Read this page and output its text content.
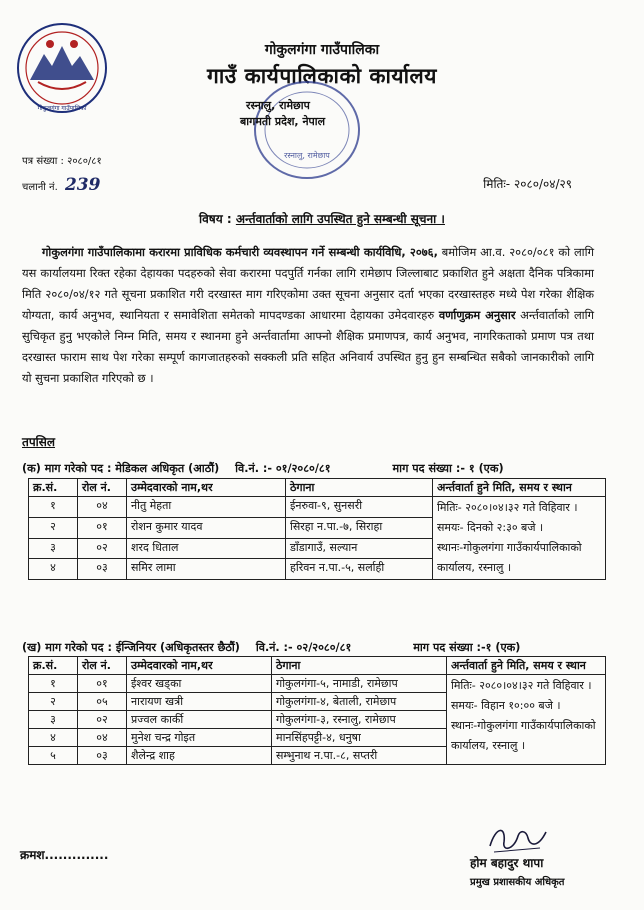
गोकुलगंगा गाउँपालिका
गोकुलगंगा गाउँपालिका
गाउँ कार्यपालिकाको कार्यालय
रस्नालु, रामेछाप
रस्नालु, रामेछाप
बागमती प्रदेश, नेपाल
पत्र संख्या : २०८०/८१
चलानी नं. 239	मितिः- २०८०/०४/२९
विषय : अर्न्तवार्ताको लागि उपस्थित हुने सम्बन्धी सूचना ।
गोकुलगंगा गाउँपालिकामा करारमा प्राविधिक कर्मचारी व्यवस्थापन गर्ने सम्बन्धी कार्यविधि, २०७६, बमोजिम आ.व. २०८०/०८१ को लागि यस कार्यालयमा रिक्त रहेका देहायका पदहरुको सेवा करारमा पदपुर्ति गर्नका लागि रामेछाप जिल्लाबाट प्रकाशित हुने अक्षता दैनिक पत्रिकामा मिति २०८०/०४/१२ गते सूचना प्रकाशित गरी दरखास्त माग गरिएकोमा उक्त सूचना अनुसार दर्ता भएका दरखास्तहरु मध्ये पेश गरेका शैक्षिक योग्यता, कार्य अनुभव, स्थानियता र समावेशिता समेतको मापदण्डका आधारमा देहायका उमेदवारहरु वर्णाणुक्रम अनुसार अर्न्तवार्ताको लागि सुचिकृत हुनु भएकोले निम्न मिति, समय र स्थानमा हुने अर्न्तवार्तामा आफ्नो शैक्षिक प्रमाणपत्र, कार्य अनुभव, नागरिकताको प्रमाण पत्र तथा दरखास्त फाराम साथ पेश गरेका सम्पूर्ण कागजातहरुको सक्कली प्रति सहित अनिवार्य उपस्थित हुनु हुन सम्बन्धित सबैको जानकारीको लागि यो सुचना प्रकाशित गरिएको छ ।
तपसिल
(क) माग गरेको पद : मेडिकल अधिकृत (आठौं) वि.नं. :- ०१/२०८०/८१	माग पद संख्या :- १ (एक)
क्र.सं.	रोल नं.	उम्मेदवारको नाम,थर	ठेगाना	अर्न्तवार्ता हुने मिति, समय र स्थान
१	०४	नीतु मेहता	ईनरुवा-९, सुनसरी	मितिः- २०८०।०४।३२ गते विहिवार ।
समयः- दिनको २:३० बजे ।
स्थानः-गोकुलगंगा गाउँकार्यपालिकाको कार्यालय, रस्नालु ।

२	०१	रोशन कुमार यादव	सिरहा न.पा.-७, सिराहा	
३	०२	शरद धिताल	डाँडागाउँ, सल्यान	
४	०३	समिर लामा	हरिवन न.पा.-५, सर्लाही	
(ख) माग गरेको पद : ईन्जिनियर (अधिकृतस्तर छैठौं) वि.नं. :- ०२/२०८०/८१	माग पद संख्या :-१ (एक)
क्र.सं.	रोल नं.	उम्मेदवारको नाम,थर	ठेगाना	अर्न्तवार्ता हुने मिति, समय र स्थान
१	०१	ईश्वर खड्का	गोकुलगंगा-५, नामाडी, रामेछाप	मितिः- २०८०।०४।३२ गते विहिवार ।
समयः- विहान १०:०० बजे ।
स्थानः-गोकुलगंगा गाउँकार्यपालिकाको कार्यालय, रस्नालु ।

२	०५	नारायण खत्री	गोकुलगंगा-४, बेताली, रामेछाप	
३	०२	प्रज्वल कार्की	गोकुलगंगा-३, रस्नालु, रामेछाप	
४	०४	मुनेश चन्द्र गोइत	मानसिंहपट्टी-४, धनुषा	
५	०३	शैलेन्द्र शाह	सम्भुनाथ न.पा.-८, सप्तरी	
क्रमश..............
होम बहादुर थापा
प्रमुख प्रशासकीय अधिकृत
